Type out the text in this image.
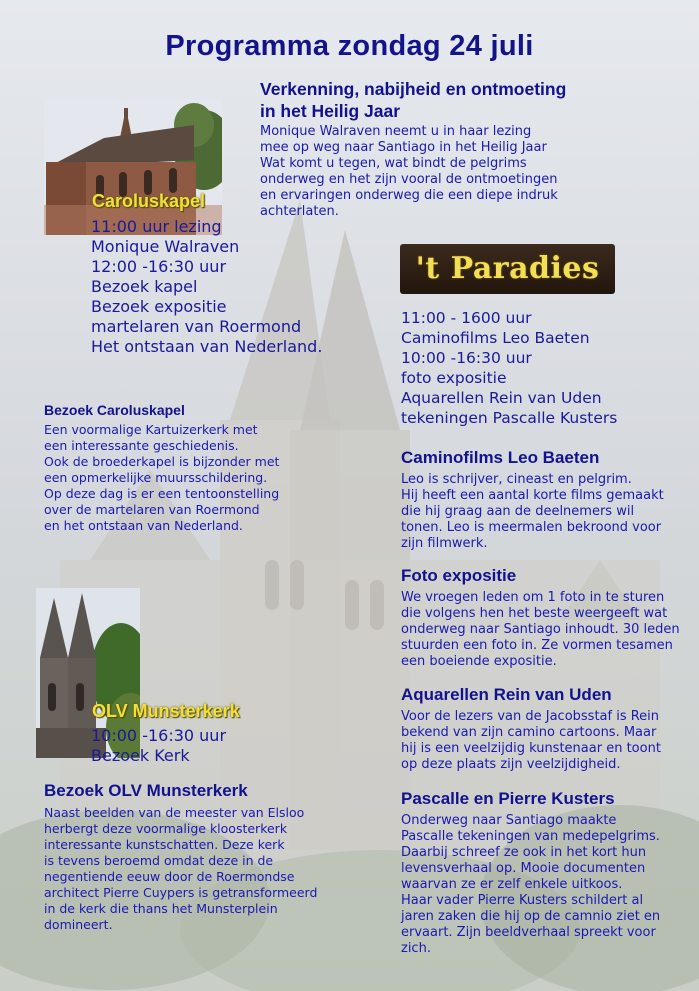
Programma zondag 24 juli
Verkenning, nabijheid en ontmoeting in het Heilig Jaar
Monique Walraven neemt u in haar lezing
mee op weg naar Santiago in het Heilig Jaar
Wat komt u tegen, wat bindt de pelgrims
onderweg en het zijn vooral de ontmoetingen
en ervaringen onderweg die een diepe indruk
achterlaten.
Caroluskapel
11:00 uur lezing
Monique Walraven
12:00 -16:30 uur
Bezoek kapel
Bezoek expositie
martelaren van Roermond
Het ontstaan van Nederland.
Bezoek Caroluskapel
Een voormalige Kartuizerkerk met
een interessante geschiedenis.
Ook de broederkapel is bijzonder met
een opmerkelijke muursschildering.
Op deze dag is er een tentoonstelling
over de martelaren van Roermond
en het ontstaan van Nederland.
't Paradies
11:00 - 1600 uur
Caminofilms Leo Baeten
10:00 -16:30 uur
foto expositie
Aquarellen Rein van Uden
tekeningen Pascalle Kusters
Caminofilms Leo Baeten
Leo is schrijver, cineast en pelgrim.
Hij heeft een aantal korte films gemaakt
die hij graag aan de deelnemers wil
tonen. Leo is meermalen bekroond voor
zijn filmwerk.
Foto expositie
We vroegen leden om 1 foto in te sturen
die volgens hen het beste weergeeft wat
onderweg naar Santiago inhoudt. 30 leden
stuurden een foto in. Ze vormen tesamen
een boeiende expositie.
Aquarellen Rein van Uden
Voor de lezers van de Jacobsstaf is Rein
bekend van zijn camino cartoons. Maar
hij is een veelzijdig kunstenaar en toont
op deze plaats zijn veelzijdigheid.
Pascalle en Pierre Kusters
Onderweg naar Santiago maakte
Pascalle tekeningen van medepelgrims.
Daarbij schreef ze ook in het kort hun
levensverhaal op. Mooie documenten
waarvan ze er zelf enkele uitkoos.
Haar vader Pierre Kusters schildert al
jaren zaken die hij op de camnio ziet en
ervaart. Zijn beeldverhaal spreekt voor
zich.
OLV Munsterkerk
10:00 -16:30 uur
Bezoek Kerk
Bezoek OLV Munsterkerk
Naast beelden van de meester van Elsloo
herbergt deze voormalige kloosterkerk
interessante kunstschatten. Deze kerk
is tevens beroemd omdat deze in de
negentiende eeuw door de Roermondse
architect Pierre Cuypers is getransformeerd
in de kerk die thans het Munsterplein
domineert.
